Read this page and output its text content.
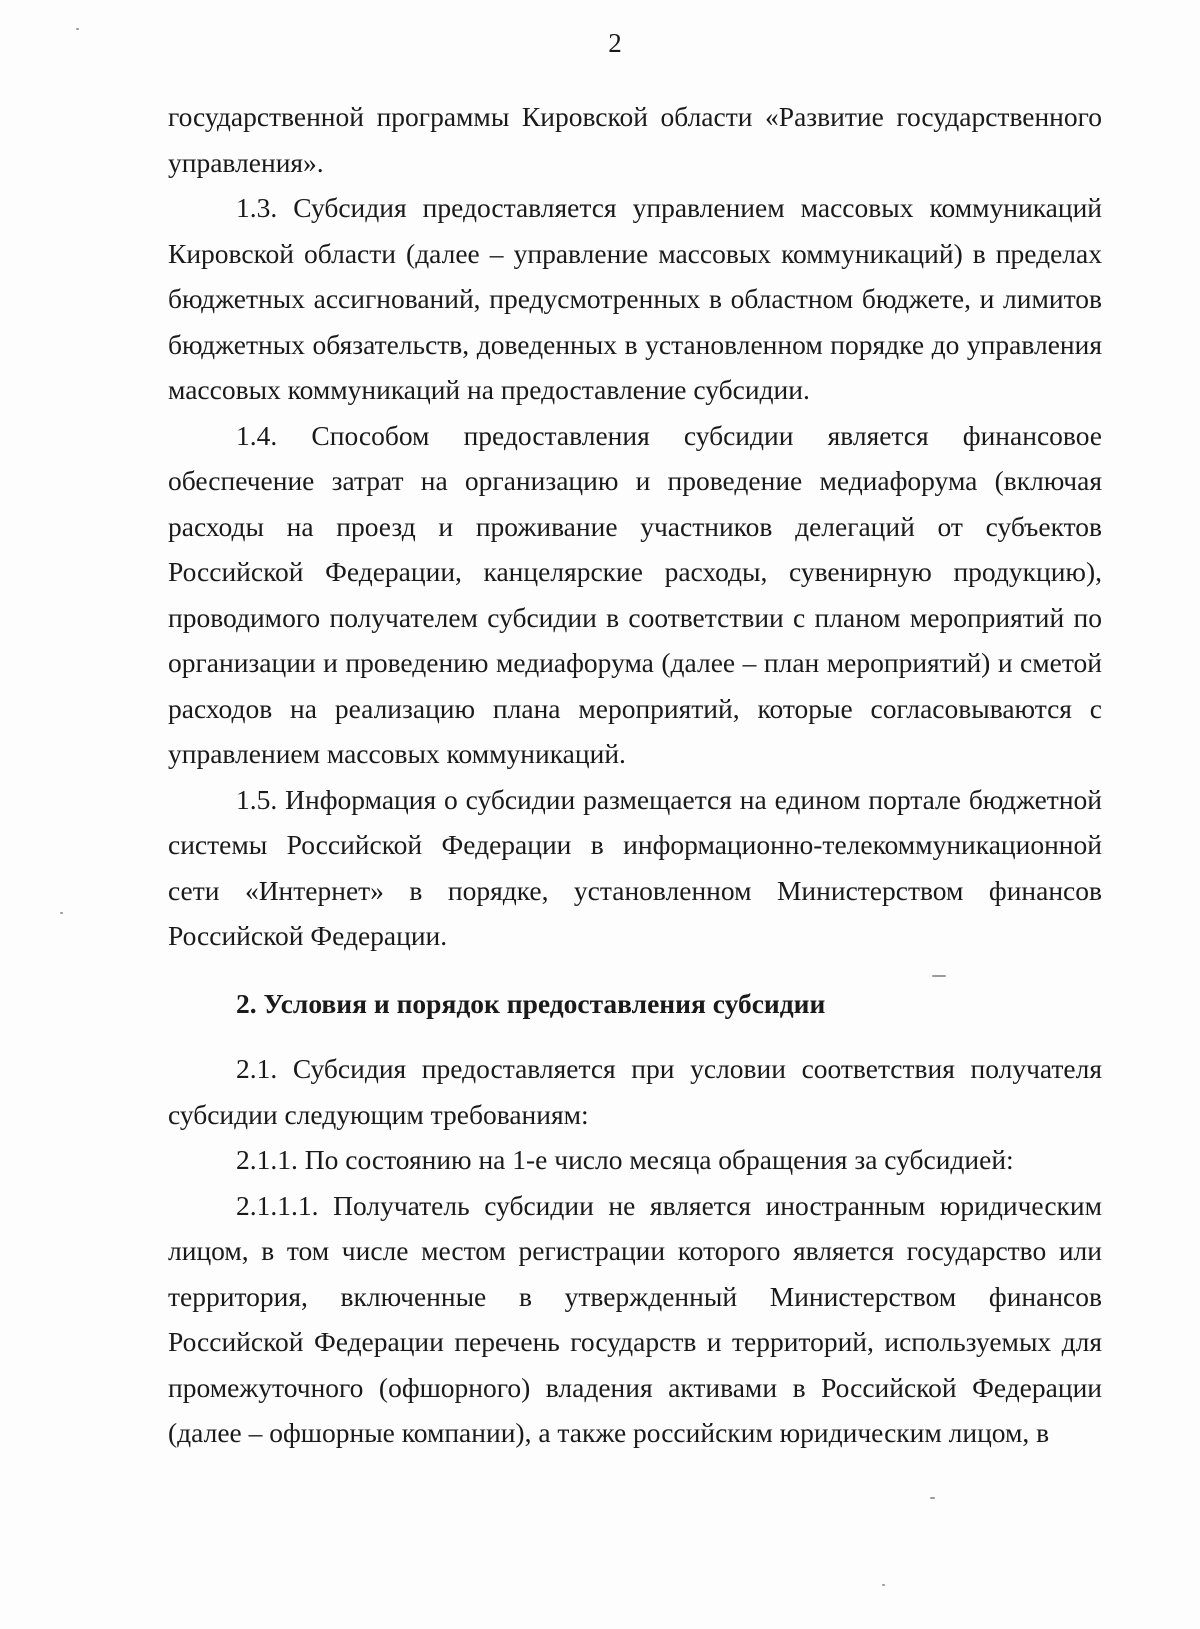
2

государственной программы Кировской области «Развитие государственного управления».

1.3. Субсидия предоставляется управлением массовых коммуникаций Кировской области (далее – управление массовых коммуникаций) в пределах бюджетных ассигнований, предусмотренных в областном бюджете, и лимитов бюджетных обязательств, доведенных в установленном порядке до управления массовых коммуникаций на предоставление субсидии.

1.4. Способом предоставления субсидии является финансовое обеспечение затрат на организацию и проведение медиафорума (включая расходы на проезд и проживание участников делегаций от субъектов Российской Федерации, канцелярские расходы, сувенирную продукцию), проводимого получателем субсидии в соответствии с планом мероприятий по организации и проведению медиафорума (далее – план мероприятий) и сметой расходов на реализацию плана мероприятий, которые согласовываются с управлением массовых коммуникаций.

1.5. Информация о субсидии размещается на едином портале бюджетной системы Российской Федерации в информационно-телекоммуникационной сети «Интернет» в порядке, установленном Министерством финансов Российской Федерации.

2. Условия и порядок предоставления субсидии

2.1. Субсидия предоставляется при условии соответствия получателя субсидии следующим требованиям:

2.1.1. По состоянию на 1-е число месяца обращения за субсидией:

2.1.1.1. Получатель субсидии не является иностранным юридическим лицом, в том числе местом регистрации которого является государство или территория, включенные в утвержденный Министерством финансов Российской Федерации перечень государств и территорий, используемых для промежуточного (офшорного) владения активами в Российской Федерации (далее – офшорные компании), а также российским юридическим лицом, в
